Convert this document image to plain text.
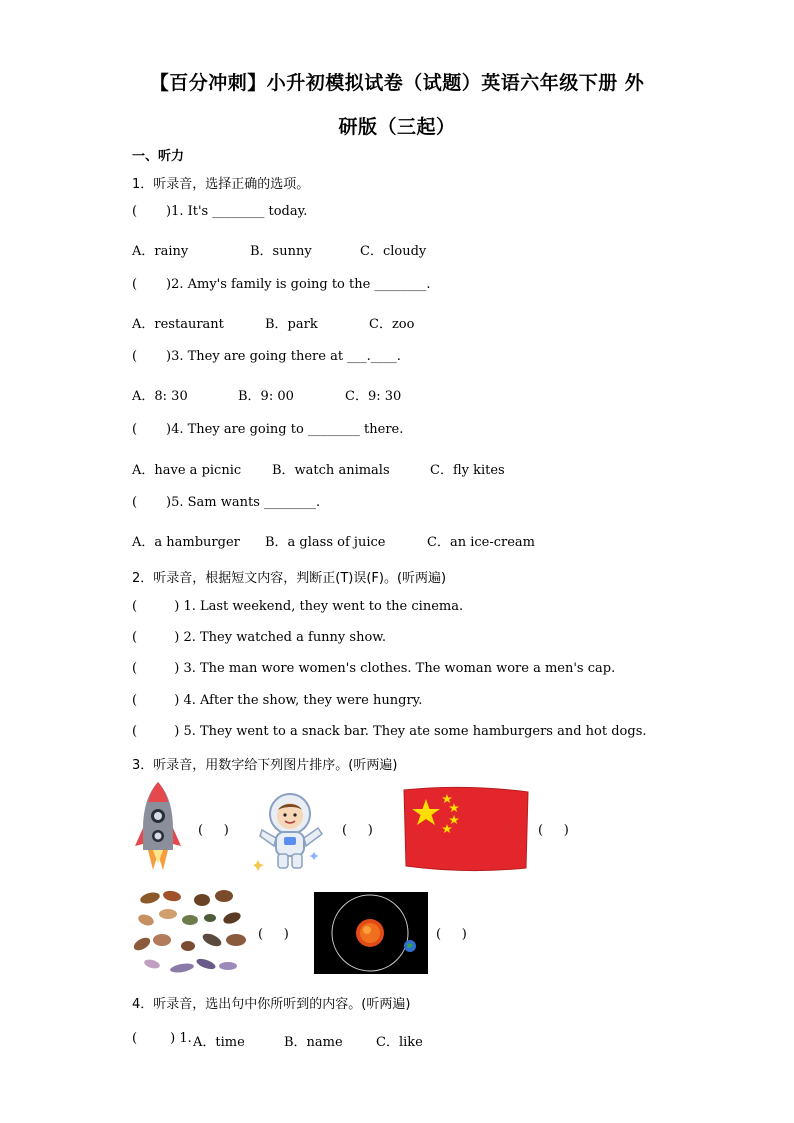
【百分冲刺】小升初模拟试卷（试题）英语六年级下册 外
研版（三起）
一、听力
1．听录音，选择正确的选项。
(       )1. It's ________ today.
A．rainy	B．sunny	C．cloudy
(       )2. Amy's family is going to the ________.
A．restaurant	B．park	C．zoo
(       )3. They are going there at ___.____.
A．8: 30	B．9: 00	C．9: 30
(       )4. They are going to ________ there.
A．have a picnic B．watch animals	C．fly kites
(       )5. Sam wants ________.
A．a hamburger B．a glass of juice	C．an ice-cream
2．听录音，根据短文内容，判断正(T)误(F)。(听两遍)
(         ) 1. Last weekend, they went to the cinema.
(         ) 2. They watched a funny show.
(         ) 3. The man wore women's clothes. The woman wore a men's cap.
(         ) 4. After the show, they were hungry.
(         ) 5. They went to a snack bar. They ate some hamburgers and hot dogs.
3．听录音，用数字给下列图片排序。(听两遍)
(     )	(     )	(     )
(     )	(     )
4．听录音，选出句中你所听到的内容。(听两遍)
(        ) 1. A．time	B．name	C．like
